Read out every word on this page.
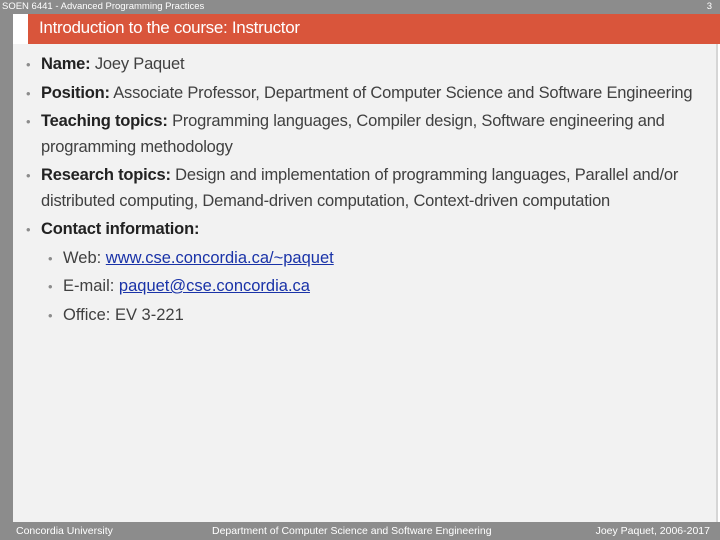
SOEN 6441 - Advanced Programming Practices	3
Introduction to the course: Instructor
• Name: Joey Paquet
• Position: Associate Professor, Department of Computer Science and Software Engineering
• Teaching topics: Programming languages, Compiler design, Software engineering and programming methodology
• Research topics: Design and implementation of programming languages, Parallel and/or distributed computing, Demand-driven computation, Context-driven computation
• Contact information:
• Web: www.cse.concordia.ca/~paquet
• E-mail: paquet@cse.concordia.ca
• Office: EV 3-221
Concordia University	Department of Computer Science and Software Engineering	Joey Paquet, 2006-2017
